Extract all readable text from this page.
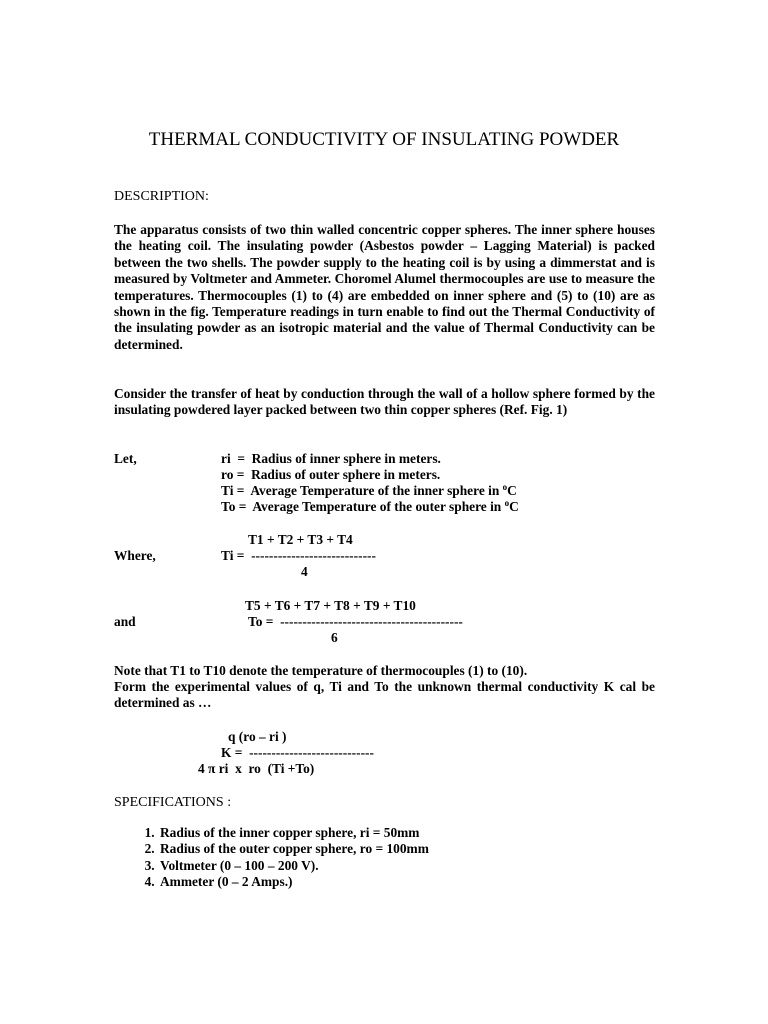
THERMAL CONDUCTIVITY OF INSULATING POWDER
DESCRIPTION:
The apparatus consists of two thin walled concentric copper spheres. The inner sphere houses the heating coil. The insulating powder (Asbestos powder – Lagging Material) is packed between the two shells. The powder supply to the heating coil is by using a dimmerstat and is measured by Voltmeter and Ammeter. Choromel Alumel thermocouples are use to measure the temperatures. Thermocouples (1) to (4) are embedded on inner sphere and (5) to (10) are as shown in the fig. Temperature readings in turn enable to find out the Thermal Conductivity of the insulating powder as an isotropic material and the value of Thermal Conductivity can be determined.
Consider the transfer of heat by conduction through the wall of a hollow sphere formed by the insulating powdered layer packed between two thin copper spheres (Ref. Fig. 1)
Let,	ri  =  Radius of inner sphere in meters.
ro =  Radius of outer sphere in meters.
Ti =  Average Temperature of the inner sphere in $^o$C
To =  Average Temperature of the outer sphere in $^o$C
T1 + T2 + T3 + T4
Where,	Ti =  ----------------------------
4
T5 + T6 + T7 + T8 + T9 + T10
and	To =  -----------------------------------------
6
Note that T1 to T10 denote the temperature of thermocouples (1) to (10).
Form the experimental values of q, Ti and To the unknown thermal conductivity K cal be determined as …
q (ro – ri )
K =  ----------------------------
4 π ri  x  ro  (Ti +To)
SPECIFICATIONS :
1. Radius of the inner copper sphere, ri = 50mm
2. Radius of the outer copper sphere, ro = 100mm
3. Voltmeter (0 – 100 – 200 V).
4. Ammeter (0 – 2 Amps.)
